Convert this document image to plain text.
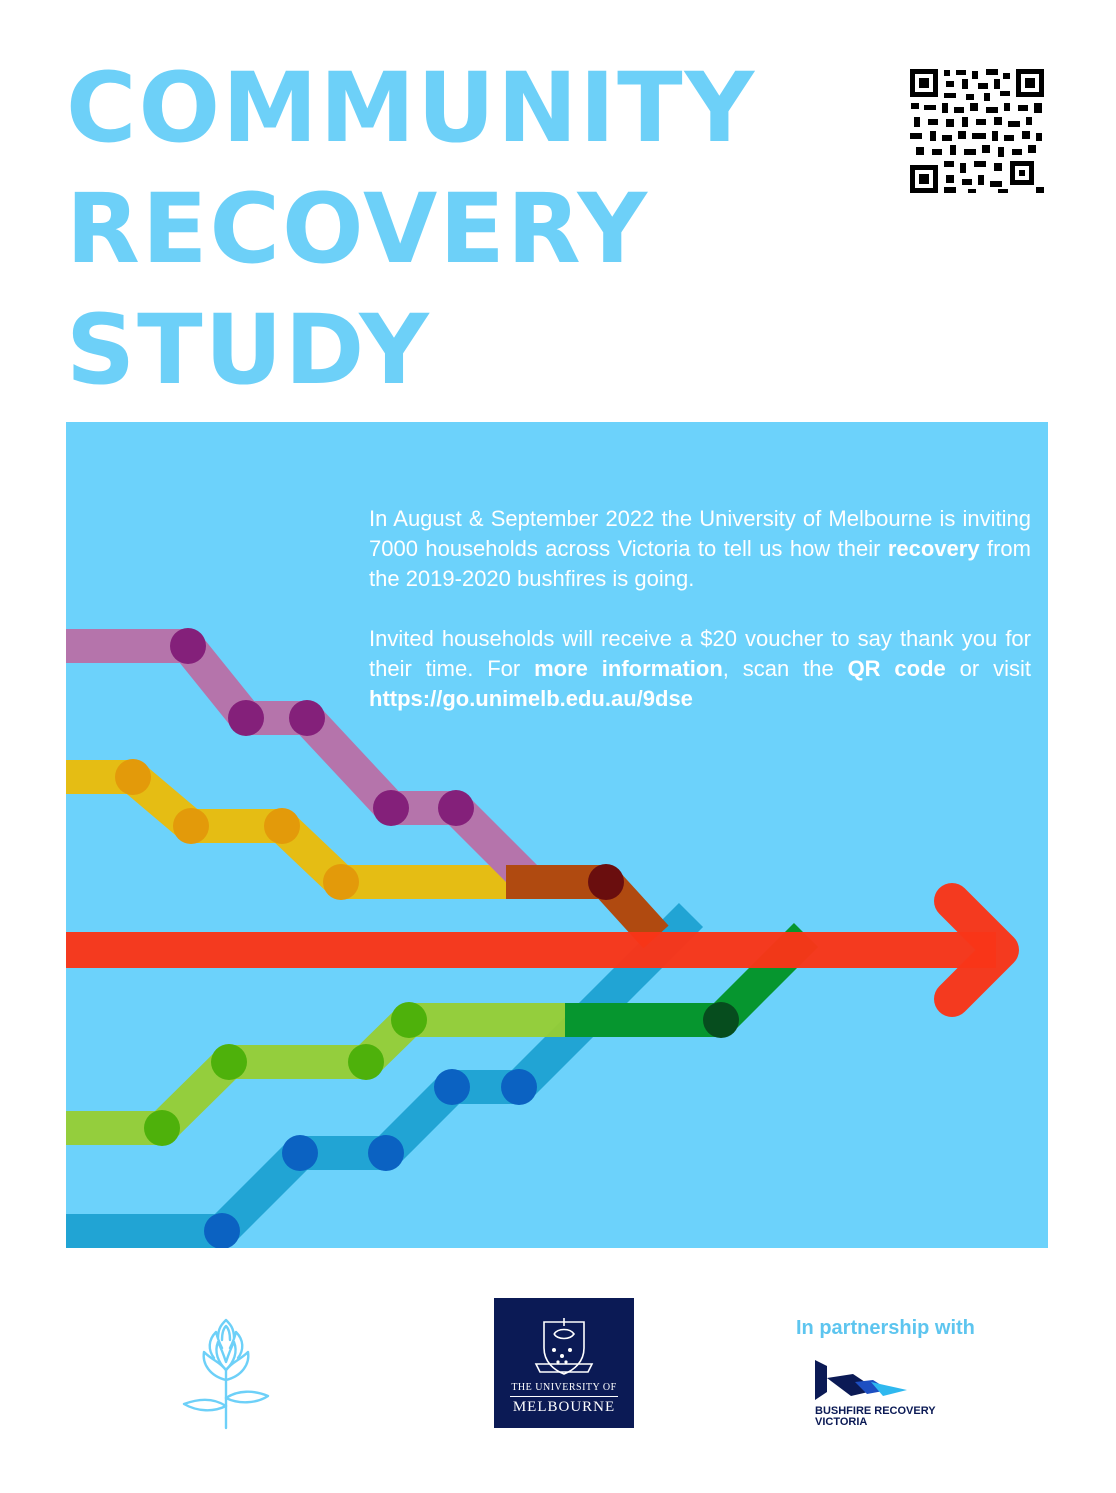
COMMUNITY
RECOVERY
STUDY

In August & September 2022 the University of Melbourne is inviting 7000 households across Victoria to tell us how their recovery from the 2019-2020 bushfires is going.

Invited households will receive a $20 voucher to say thank you for their time. For more information, scan the QR code or visit https://go.unimelb.edu.au/9dse

THE UNIVERSITY OF
MELBOURNE
In partnership with
BUSHFIRE RECOVERY
VICTORIA
